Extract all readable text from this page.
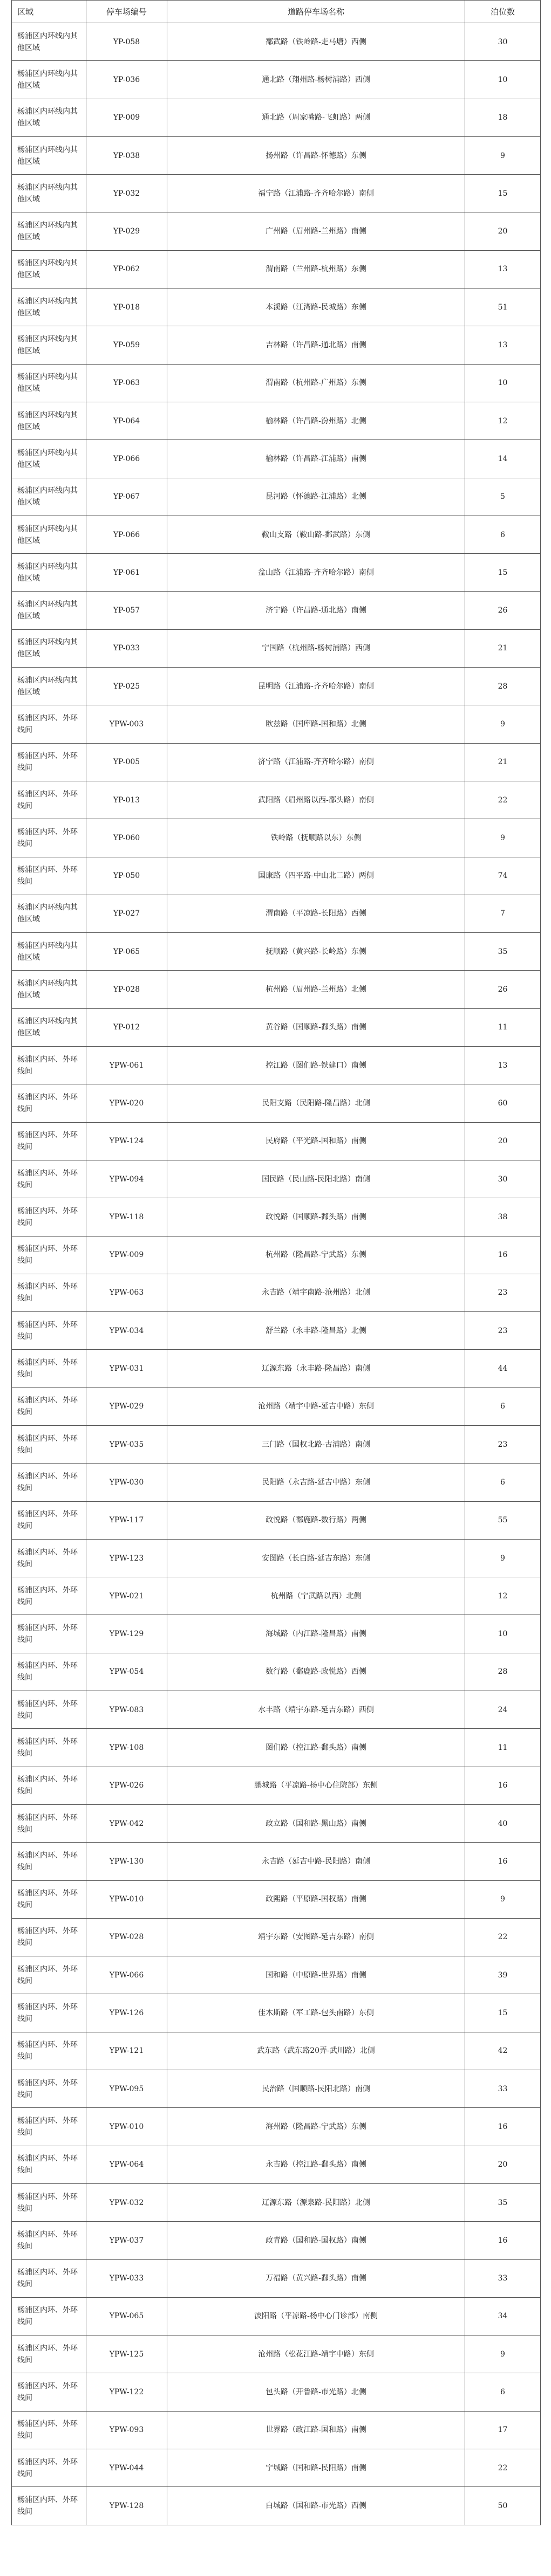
区域	停车场编号	道路停车场名称	泊位数
杨浦区内环线内其他区域	YP-058	鄱武路（铁岭路-走马塘）西侧	30
杨浦区内环线内其他区域	YP-036	通北路（翔州路-杨树浦路）西侧	10
杨浦区内环线内其他区域	YP-009	通北路（周家嘴路-飞虹路）两侧	18
杨浦区内环线内其他区域	YP-038	扬州路（许昌路-怀德路）东侧	9
杨浦区内环线内其他区域	YP-032	福宁路（江浦路-齐齐哈尔路）南侧	15
杨浦区内环线内其他区域	YP-029	广州路（眉州路-兰州路）南侧	20
杨浦区内环线内其他区域	YP-062	渭南路（兰州路-杭州路）东侧	13
杨浦区内环线内其他区域	YP-018	本溪路（江湾路-民城路）东侧	51
杨浦区内环线内其他区域	YP-059	吉林路（许昌路-通北路）南侧	13
杨浦区内环线内其他区域	YP-063	渭南路（杭州路-广州路）东侧	10
杨浦区内环线内其他区域	YP-064	榆林路（许昌路-汾州路）北侧	12
杨浦区内环线内其他区域	YP-066	榆林路（许昌路-江浦路）南侧	14
杨浦区内环线内其他区域	YP-067	昆河路（怀德路-江浦路）北侧	5
杨浦区内环线内其他区域	YP-066	鞍山支路（鞍山路-鄱武路）东侧	6
杨浦区内环线内其他区域	YP-061	盆山路（江浦路-齐齐哈尔路）南侧	15
杨浦区内环线内其他区域	YP-057	济宁路（许昌路-通北路）南侧	26
杨浦区内环线内其他区域	YP-033	宁国路（杭州路-杨树浦路）西侧	21
杨浦区内环线内其他区域	YP-025	昆明路（江浦路-齐齐哈尔路）南侧	28
杨浦区内环、外环线间	YPW-003	欧兹路（国库路-国和路）北侧	9
杨浦区内环、外环线间	YP-005	济宁路（江浦路-齐齐哈尔路）南侧	21
杨浦区内环、外环线间	YP-013	武阳路（眉州路以西-鄱头路）南侧	22
杨浦区内环、外环线间	YP-060	铁岭路（抚顺路以东）东侧	9
杨浦区内环、外环线间	YP-050	国康路（四平路-中山北二路）两侧	74
杨浦区内环线内其他区域	YP-027	渭南路（平凉路-长阳路）西侧	7
杨浦区内环线内其他区域	YP-065	抚顺路（黄兴路-长岭路）东侧	35
杨浦区内环线内其他区域	YP-028	杭州路（眉州路-兰州路）北侧	26
杨浦区内环线内其他区域	YP-012	黄谷路（国顺路-鄱头路）南侧	11
杨浦区内环、外环线间	YPW-061	控江路（图们路-铁建口）南侧	13
杨浦区内环、外环线间	YPW-020	民阳支路（民阳路-隆昌路）北侧	60
杨浦区内环、外环线间	YPW-124	民府路（平光路-国和路）南侧	20
杨浦区内环、外环线间	YPW-094	国民路（民山路-民阳北路）南侧	30
杨浦区内环、外环线间	YPW-118	政悦路（国顺路-鄱头路）南侧	38
杨浦区内环、外环线间	YPW-009	杭州路（隆昌路-宁武路）东侧	16
杨浦区内环、外环线间	YPW-063	永吉路（靖宇南路-沧州路）北侧	23
杨浦区内环、外环线间	YPW-034	舒兰路（永丰路-隆昌路）北侧	23
杨浦区内环、外环线间	YPW-031	辽源东路（永丰路-隆昌路）南侧	44
杨浦区内环、外环线间	YPW-029	沧州路（靖宇中路-延吉中路）东侧	6
杨浦区内环、外环线间	YPW-035	三门路（国权北路-古浦路）南侧	23
杨浦区内环、外环线间	YPW-030	民阳路（永吉路-延吉中路）东侧	6
杨浦区内环、外环线间	YPW-117	政悦路（鄱鹿路-数行路）两侧	55
杨浦区内环、外环线间	YPW-123	安图路（长白路-延吉东路）东侧	9
杨浦区内环、外环线间	YPW-021	杭州路（宁武路以西）北侧	12
杨浦区内环、外环线间	YPW-129	海城路（内江路-隆昌路）南侧	10
杨浦区内环、外环线间	YPW-054	数行路（鄱鹿路-政悦路）西侧	28
杨浦区内环、外环线间	YPW-083	水丰路（靖宇东路-延吉东路）西侧	24
杨浦区内环、外环线间	YPW-108	图们路（控江路-鄱头路）南侧	11
杨浦区内环、外环线间	YPW-026	鹏城路（平凉路-杨中心住院部）东侧	16
杨浦区内环、外环线间	YPW-042	政立路（国和路-黑山路）南侧	40
杨浦区内环、外环线间	YPW-130	永吉路（延吉中路-民阳路）南侧	16
杨浦区内环、外环线间	YPW-010	政熙路（平原路-国权路）南侧	9
杨浦区内环、外环线间	YPW-028	靖宇东路（安图路-延吉东路）南侧	22
杨浦区内环、外环线间	YPW-066	国和路（中原路-世界路）南侧	39
杨浦区内环、外环线间	YPW-126	佳木斯路（军工路-包头南路）东侧	15
杨浦区内环、外环线间	YPW-121	武东路（武东路20弄-武川路）北侧	42
杨浦区内环、外环线间	YPW-095	民治路（国顺路-民阳北路）南侧	33
杨浦区内环、外环线间	YPW-010	海州路（隆昌路-宁武路）东侧	16
杨浦区内环、外环线间	YPW-064	永吉路（控江路-鄱头路）南侧	20
杨浦区内环、外环线间	YPW-032	辽源东路（源泉路-民阳路）北侧	35
杨浦区内环、外环线间	YPW-037	政青路（国和路-国权路）南侧	16
杨浦区内环、外环线间	YPW-033	万福路（黄兴路-鄱头路）南侧	33
杨浦区内环、外环线间	YPW-065	波阳路（平凉路-杨中心门诊部）南侧	34
杨浦区内环、外环线间	YPW-125	沧州路（松花江路-靖宇中路）东侧	9
杨浦区内环、外环线间	YPW-122	包头路（开鲁路-市光路）北侧	6
杨浦区内环、外环线间	YPW-093	世界路（政江路-国和路）南侧	17
杨浦区内环、外环线间	YPW-044	宁城路（国和路-民阳路）南侧	22
杨浦区内环、外环线间	YPW-128	白城路（国和路-市光路）西侧	50
